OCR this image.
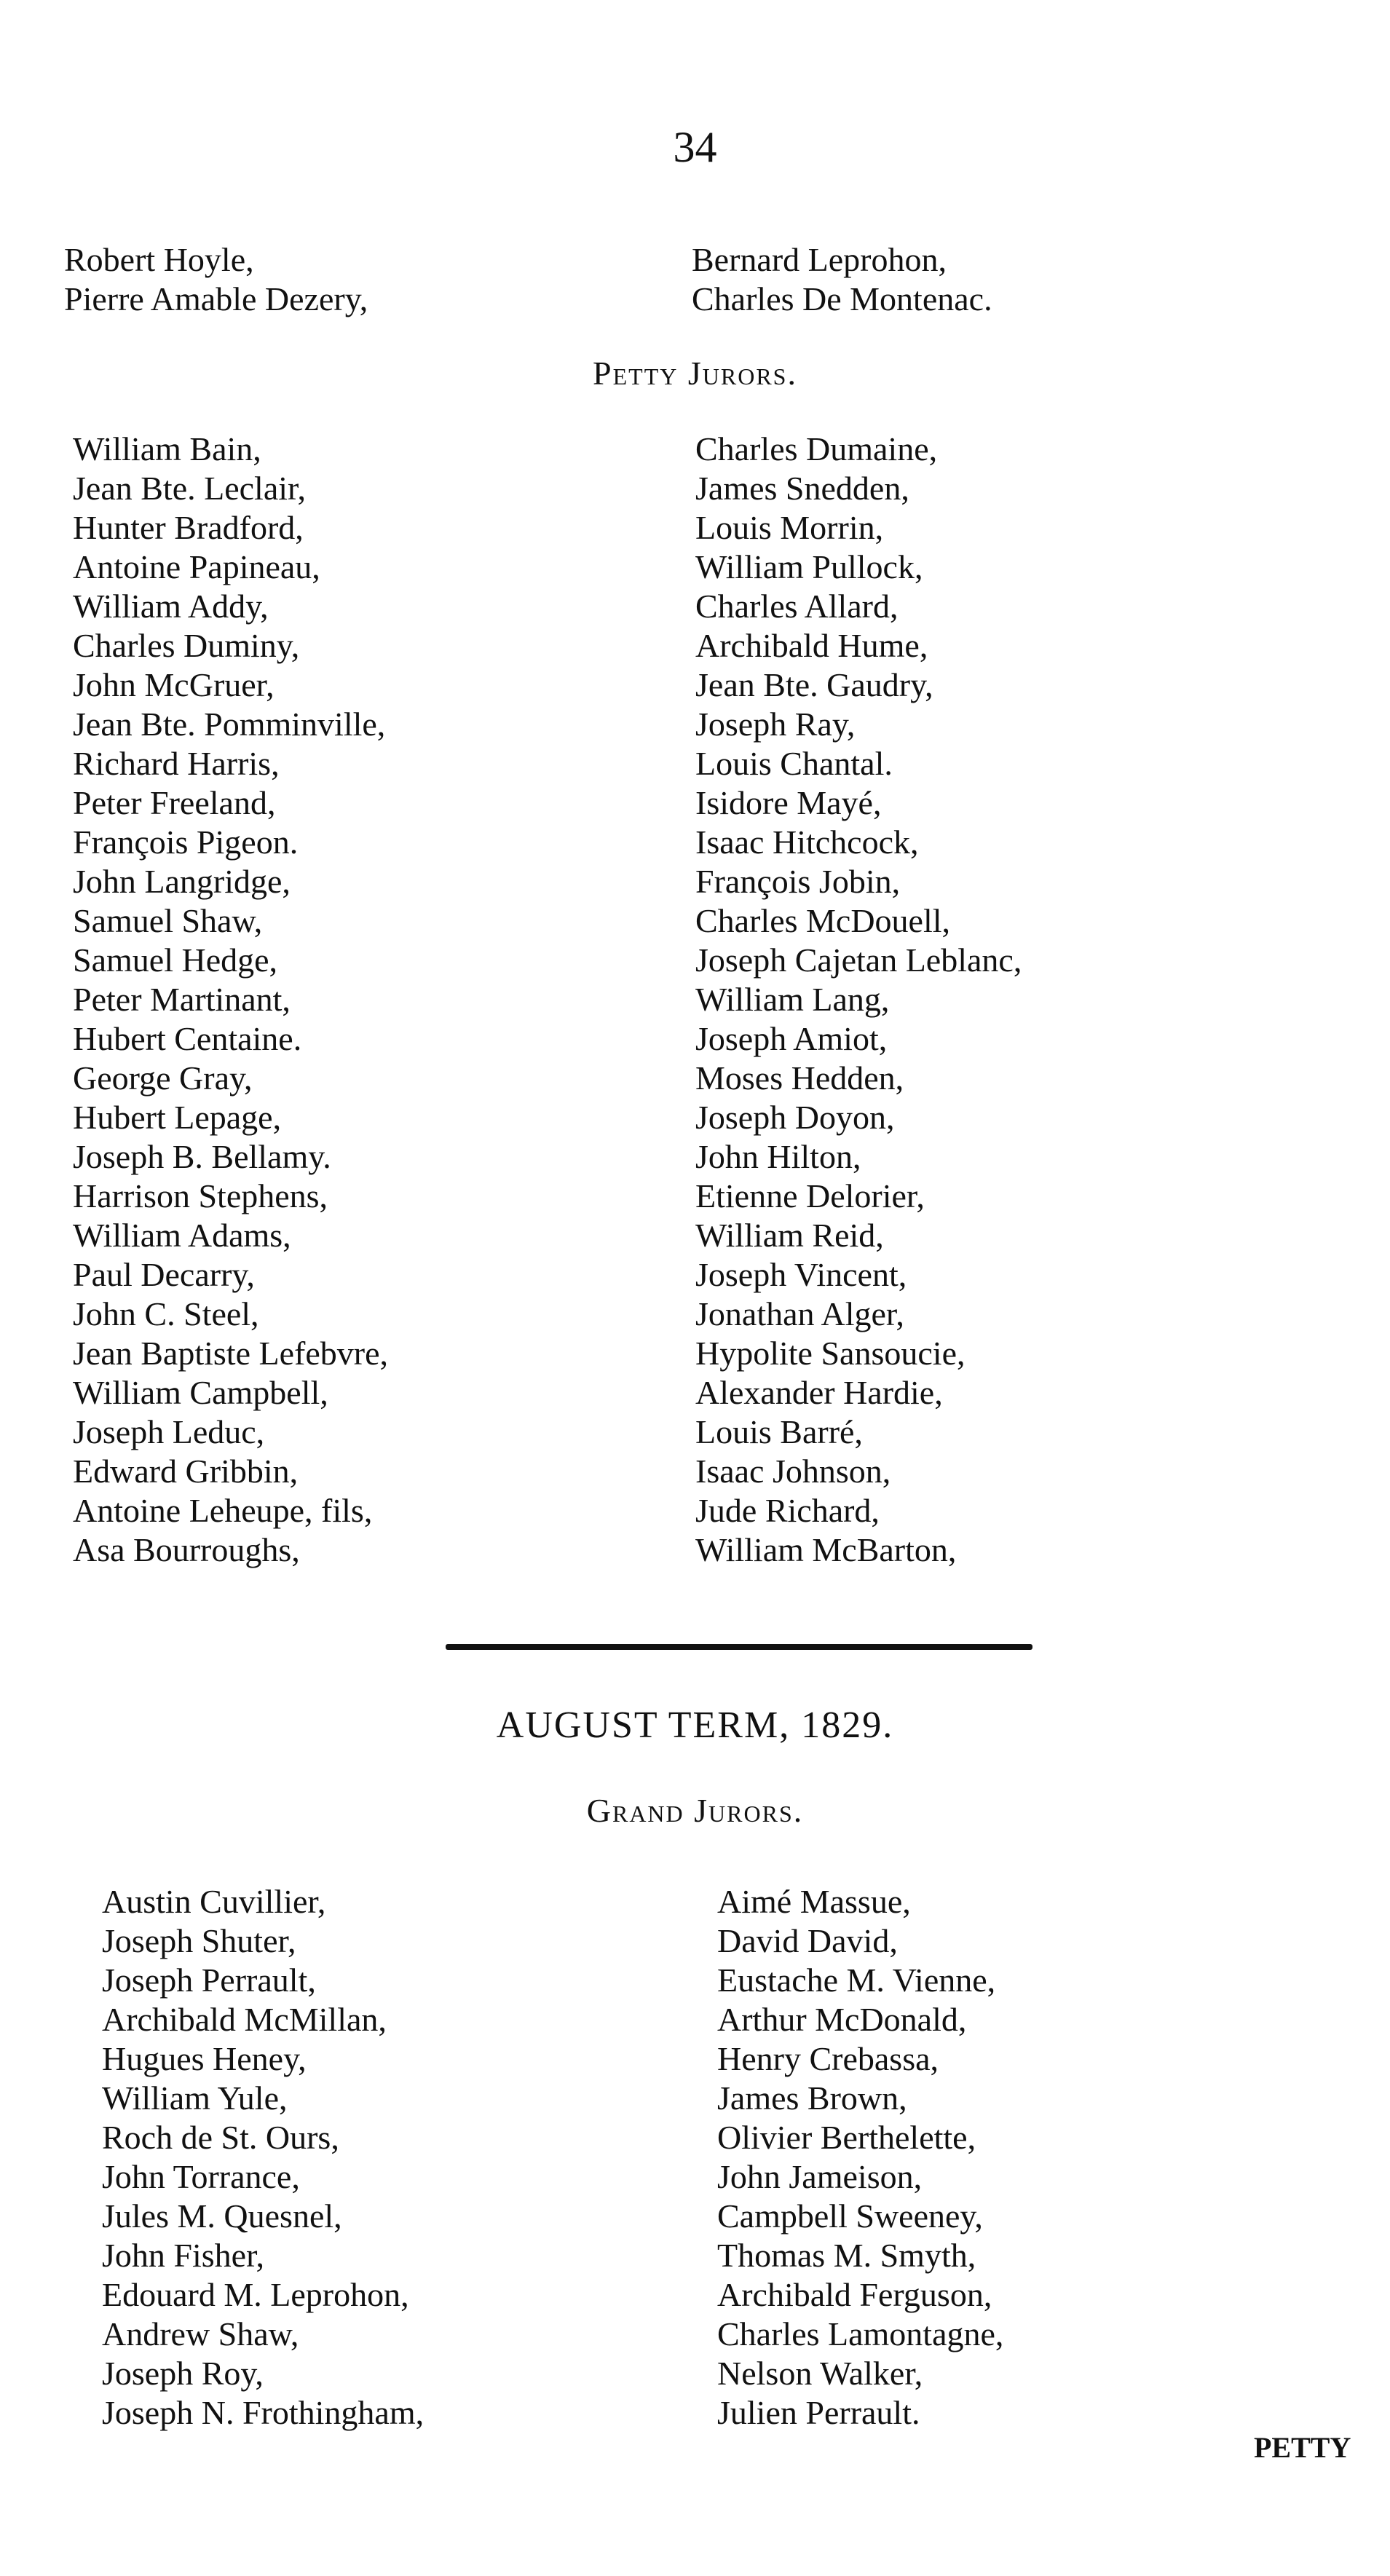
34
Robert Hoyle,
Pierre Amable Dezery,
Bernard Leprohon,
Charles De Montenac.
Petty Jurors.
William Bain,
Jean Bte. Leclair,
Hunter Bradford,
Antoine Papineau,
William Addy,
Charles Duminy,
John McGruer,
Jean Bte. Pomminville,
Richard Harris,
Peter Freeland,
François Pigeon.
John Langridge,
Samuel Shaw,
Samuel Hedge,
Peter Martinant,
Hubert Centaine.
George Gray,
Hubert Lepage,
Joseph B. Bellamy.
Harrison Stephens,
William Adams,
Paul Decarry,
John C. Steel,
Jean Baptiste Lefebvre,
William Campbell,
Joseph Leduc,
Edward Gribbin,
Antoine Leheupe, fils,
Asa Bourroughs,
Charles Dumaine,
James Snedden,
Louis Morrin,
William Pullock,
Charles Allard,
Archibald Hume,
Jean Bte. Gaudry,
Joseph Ray,
Louis Chantal.
Isidore Mayé,
Isaac Hitchcock,
François Jobin,
Charles McDouell,
Joseph Cajetan Leblanc,
William Lang,
Joseph Amiot,
Moses Hedden,
Joseph Doyon,
John Hilton,
Etienne Delorier,
William Reid,
Joseph Vincent,
Jonathan Alger,
Hypolite Sansoucie,
Alexander Hardie,
Louis Barré,
Isaac Johnson,
Jude Richard,
William McBarton,
AUGUST TERM, 1829.
Grand Jurors.
Austin Cuvillier,
Joseph Shuter,
Joseph Perrault,
Archibald McMillan,
Hugues Heney,
William Yule,
Roch de St. Ours,
John Torrance,
Jules M. Quesnel,
John Fisher,
Edouard M. Leprohon,
Andrew Shaw,
Joseph Roy,
Joseph N. Frothingham,
Aimé Massue,
David David,
Eustache M. Vienne,
Arthur McDonald,
Henry Crebassa,
James Brown,
Olivier Berthelette,
John Jameison,
Campbell Sweeney,
Thomas M. Smyth,
Archibald Ferguson,
Charles Lamontagne,
Nelson Walker,
Julien Perrault.
PETTY
